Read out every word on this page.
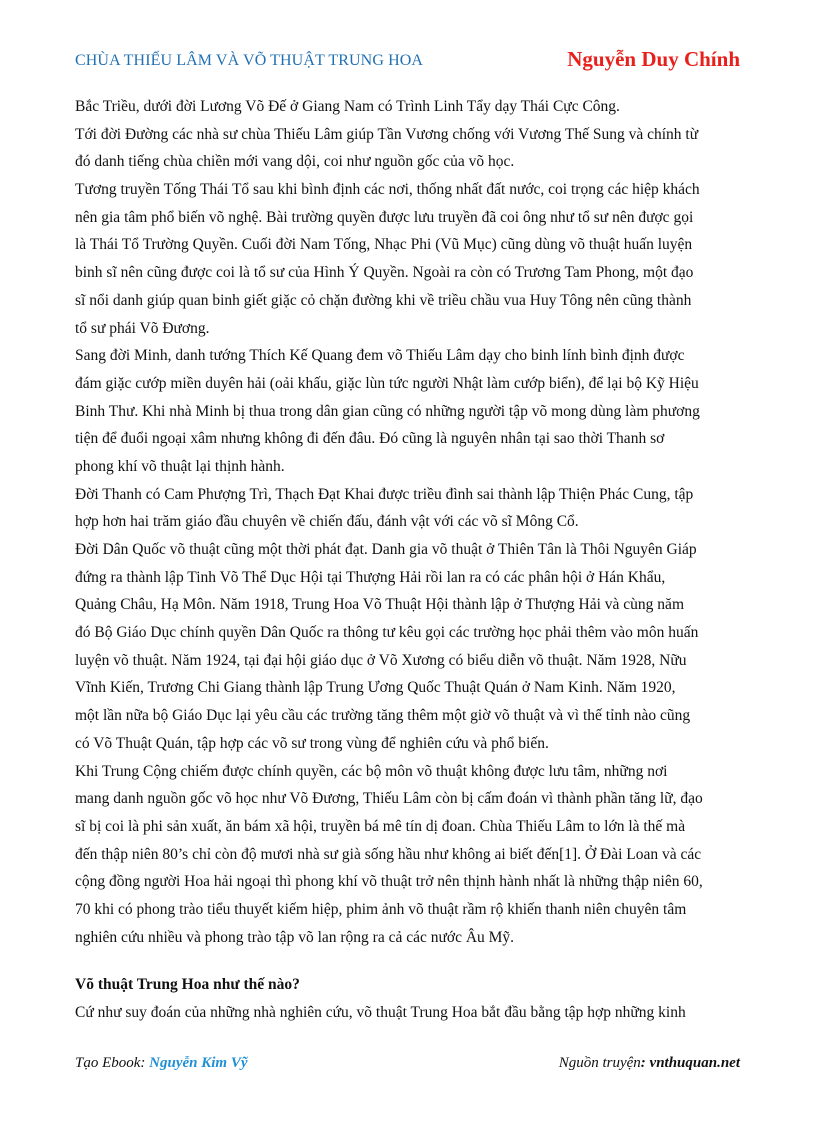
CHÙA THIẾU LÂM VÀ VÕ THUẬT TRUNG HOA	Nguyễn Duy Chính
Bắc Triều, dưới đời Lương Võ Đế ở Giang Nam có Trình Linh Tẩy dạy Thái Cực Công.
Tới đời Đường các nhà sư chùa Thiếu Lâm giúp Tần Vương chống với Vương Thế Sung và chính từ
đó danh tiếng chùa chiền mới vang dội, coi như nguồn gốc của võ học.
Tương truyền Tống Thái Tổ sau khi bình định các nơi, thống nhất đất nước, coi trọng các hiệp khách
nên gia tâm phổ biến võ nghệ. Bài trường quyền được lưu truyền đã coi ông như tổ sư nên được gọi
là Thái Tổ Trường Quyền. Cuối đời Nam Tống, Nhạc Phi (Vũ Mục) cũng dùng võ thuật huấn luyện
binh sĩ nên cũng được coi là tổ sư của Hình Ý Quyền. Ngoài ra còn có Trương Tam Phong, một đạo
sĩ nổi danh giúp quan binh giết giặc cỏ chặn đường khi về triều chầu vua Huy Tông nên cũng thành
tổ sư phái Võ Đương.
Sang đời Minh, danh tướng Thích Kế Quang đem võ Thiếu Lâm dạy cho binh lính bình định được
đám giặc cướp miền duyên hải (oải khấu, giặc lùn tức người Nhật làm cướp biển), để lại bộ Kỹ Hiệu
Binh Thư. Khi nhà Minh bị thua trong dân gian cũng có những người tập võ mong dùng làm phương
tiện để đuổi ngoại xâm nhưng không đi đến đâu. Đó cũng là nguyên nhân tại sao thời Thanh sơ
phong khí võ thuật lại thịnh hành.
Đời Thanh có Cam Phượng Trì, Thạch Đạt Khai được triều đình sai thành lập Thiện Phác Cung, tập
hợp hơn hai trăm giáo đầu chuyên về chiến đấu, đánh vật với các võ sĩ Mông Cổ.
Đời Dân Quốc võ thuật cũng một thời phát đạt. Danh gia võ thuật ở Thiên Tân là Thôi Nguyên Giáp
đứng ra thành lập Tinh Võ Thể Dục Hội tại Thượng Hải rồi lan ra có các phân hội ở Hán Khẩu,
Quảng Châu, Hạ Môn. Năm 1918, Trung Hoa Võ Thuật Hội thành lập ở Thượng Hải và cùng năm
đó Bộ Giáo Dục chính quyền Dân Quốc ra thông tư kêu gọi các trường học phải thêm vào môn huấn
luyện võ thuật. Năm 1924, tại đại hội giáo dục ở Võ Xương có biểu diễn võ thuật. Năm 1928, Nữu
Vĩnh Kiến, Trương Chi Giang thành lập Trung Ương Quốc Thuật Quán ở Nam Kinh. Năm 1920,
một lần nữa bộ Giáo Dục lại yêu cầu các trường tăng thêm một giờ võ thuật và vì thế tỉnh nào cũng
có Võ Thuật Quán, tập hợp các võ sư trong vùng để nghiên cứu và phổ biến.
Khi Trung Cộng chiếm được chính quyền, các bộ môn võ thuật không được lưu tâm, những nơi
mang danh nguồn gốc võ học như Võ Đương, Thiếu Lâm còn bị cấm đoán vì thành phần tăng lữ, đạo
sĩ bị coi là phi sản xuất, ăn bám xã hội, truyền bá mê tín dị đoan. Chùa Thiếu Lâm to lớn là thế mà
đến thập niên 80’s chỉ còn độ mươi nhà sư già sống hầu như không ai biết đến[1]. Ở Đài Loan và các
cộng đồng người Hoa hải ngoại thì phong khí võ thuật trở nên thịnh hành nhất là những thập niên 60,
70 khi có phong trào tiểu thuyết kiếm hiệp, phim ảnh võ thuật rầm rộ khiến thanh niên chuyên tâm
nghiên cứu nhiều và phong trào tập võ lan rộng ra cả các nước Âu Mỹ.
Võ thuật Trung Hoa như thế nào?
Cứ như suy đoán của những nhà nghiên cứu, võ thuật Trung Hoa bắt đầu bằng tập hợp những kinh
Tạo Ebook: Nguyễn Kim Vỹ	Nguồn truyện: vnthuquan.net
